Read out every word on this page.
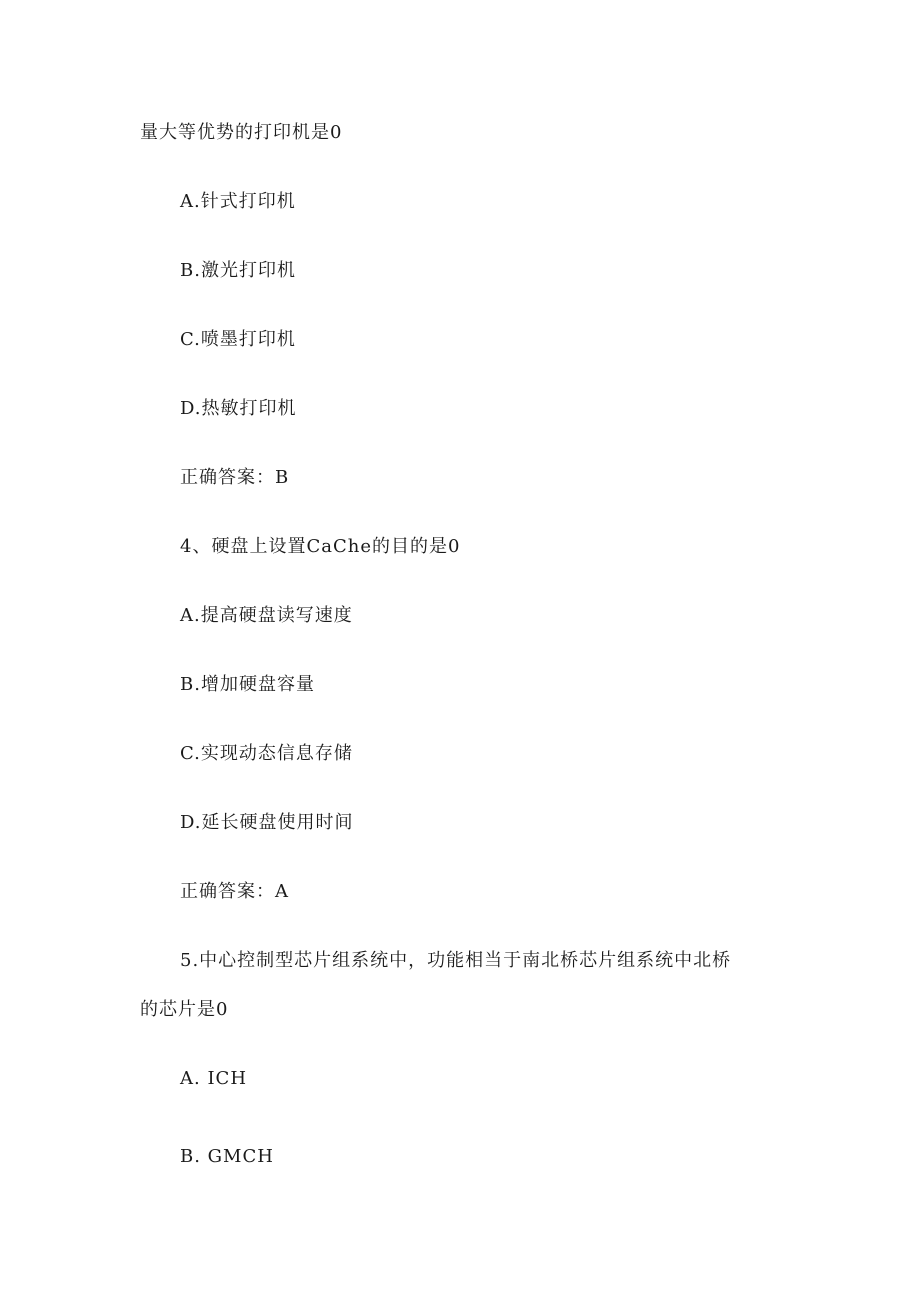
量大等优势的打印机是0
A.针式打印机
B.激光打印机
C.喷墨打印机
D.热敏打印机
正确答案：B
4、硬盘上设置CaChe的目的是0
A.提高硬盘读写速度
B.增加硬盘容量
C.实现动态信息存储
D.延长硬盘使用时间
正确答案：A
5.中心控制型芯片组系统中，功能相当于南北桥芯片组系统中北桥
的芯片是0
A. ICH
B. GMCH
